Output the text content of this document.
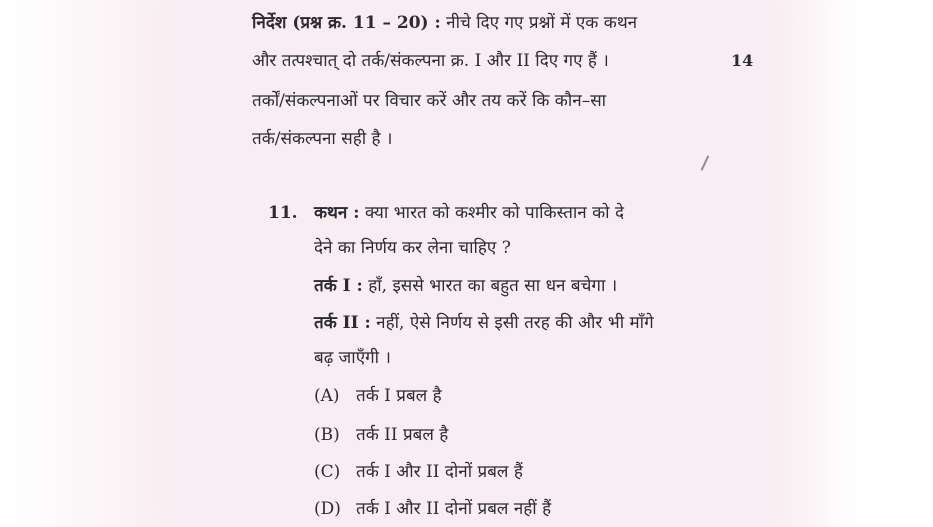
निर्देश (प्रश्न क्र. 11 – 20) : नीचे दिए गए प्रश्नों में एक कथन
और तत्पश्चात् दो तर्क/संकल्पना क्र. I और II दिए गए हैं ।
तर्कों/संकल्पनाओं पर विचार करें और तय करें कि कौन–सा
तर्क/संकल्पना सही है ।
14
11. कथन : क्या भारत को कश्मीर को पाकिस्तान को दे
देने का निर्णय कर लेना चाहिए ?
तर्क I : हाँ, इससे भारत का बहुत सा धन बचेगा ।
तर्क II : नहीं, ऐसे निर्णय से इसी तरह की और भी माँगे
बढ़ जाएँगी ।
(A) तर्क I प्रबल है
(B) तर्क II प्रबल है
(C) तर्क I और II दोनों प्रबल हैं
(D) तर्क I और II दोनों प्रबल नहीं हैं
